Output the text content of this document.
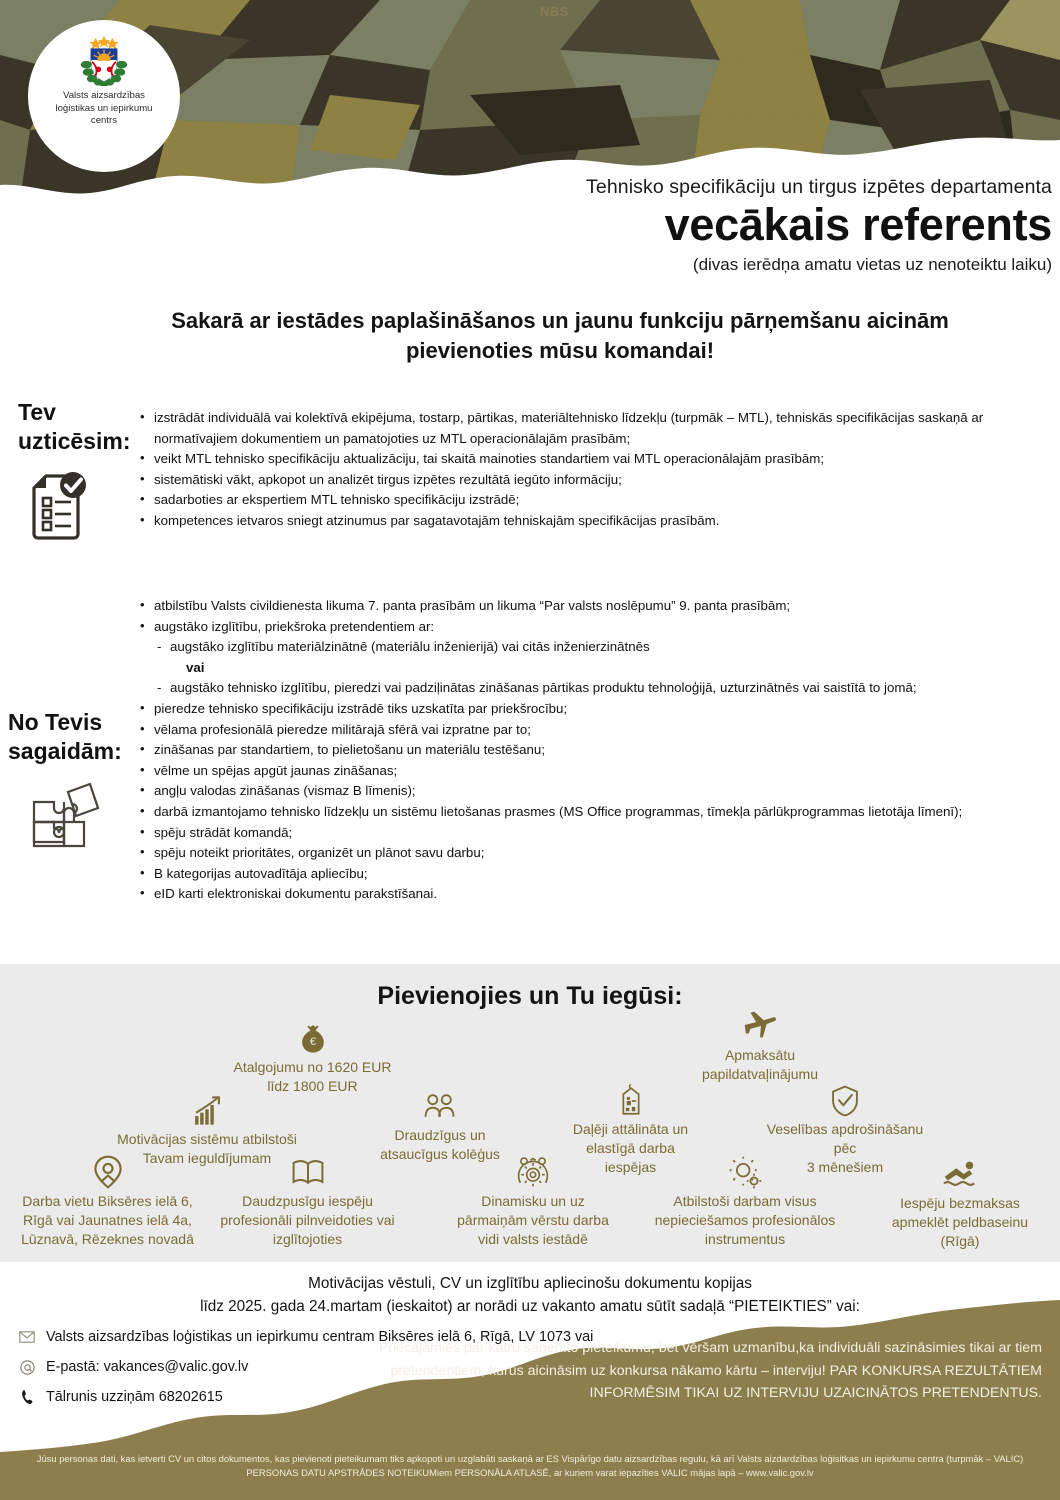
NBS
Valsts aizsardzības
loģistikas un iepirkumu
centrs
Tehnisko specifikāciju un tirgus izpētes departamenta
vecākais referents
(divas ierēdņa amatu vietas uz nenoteiktu laiku)
Sakarā ar iestādes paplašināšanos un jaunu funkciju pārņemšanu aicinām pievienoties mūsu komandai!
Tev
uzticēsim:
• izstrādāt individuālā vai kolektīvā ekipējuma, tostarp, pārtikas, materiāltehnisko līdzekļu (turpmāk – MTL), tehniskās specifikācijas saskaņā ar normatīvajiem dokumentiem un pamatojoties uz MTL operacionālajām prasībām;
• veikt MTL tehnisko specifikāciju aktualizāciju, tai skaitā mainoties standartiem vai MTL operacionālajām prasībām;
• sistemātiski vākt, apkopot un analizēt tirgus izpētes rezultātā iegūto informāciju;
• sadarboties ar ekspertiem MTL tehnisko specifikāciju izstrādē;
• kompetences ietvaros sniegt atzinumus par sagatavotajām tehniskajām specifikācijas prasībām.
No Tevis
sagaidām:
• atbilstību Valsts civildienesta likuma 7. panta prasībām un likuma “Par valsts noslēpumu” 9. panta prasībām;
• augstāko izglītību, priekšroka pretendentiem ar:
- augstāko izglītību materiālzinātnē (materiālu inženierijā) vai citās inženierzinātnēs
vai
- augstāko tehnisko izglītību, pieredzi vai padziļinātas zināšanas pārtikas produktu tehnoloģijā, uzturzinātnēs vai saistītā to jomā;
• pieredze tehnisko specifikāciju izstrādē tiks uzskatīta par priekšrocību;
• vēlama profesionālā pieredze militārajā sfērā vai izpratne par to;
• zināšanas par standartiem, to pielietošanu un materiālu testēšanu;
• vēlme un spējas apgūt jaunas zināšanas;
• angļu valodas zināšanas (vismaz B līmenis);
• darbā izmantojamo tehnisko līdzekļu un sistēmu lietošanas prasmes (MS Office programmas, tīmekļa pārlūkprogrammas lietotāja līmenī);
• spēju strādāt komandā;
• spēju noteikt prioritātes, organizēt un plānot savu darbu;
• B kategorijas autovadītāja apliecību;
• eID karti elektroniskai dokumentu parakstīšanai.
Pievienojies un Tu iegūsi:
€
Atalgojumu no 1620 EUR
līdz 1800 EUR
Motivācijas sistēmu atbilstoši
Tavam ieguldījumam
Draudzīgus un
atsaucīgus kolēģus
Apmaksātu
papildatvaļinājumu
Daļēji attālināta un
elastīgā darba
iespējas
Veselības apdrošināšanu
pēc
3 mēnešiem
Darba vietu Biksēres ielā 6,
Rīgā vai Jaunatnes ielā 4a,
Lūznavā, Rēzeknes novadā
Daudzpusīgu iespēju
profesionāli pilnveidoties vai
izglītojoties
Dinamisku un uz
pārmaiņām vērstu darba
vidi valsts iestādē
Atbilstoši darbam visus
nepieciešamos profesionālos
instrumentus
Iespēju bezmaksas
apmeklēt peldbaseinu
(Rīgā)
Motivācijas vēstuli, CV un izglītību apliecinošu dokumentu kopijas
līdz 2025. gada 24.martam (ieskaitot) ar norādi uz vakanto amatu sūtīt sadaļā “PIETEIKTIES” vai:
Valsts aizsardzības loģistikas un iepirkumu centram Biksēres ielā 6, Rīgā, LV 1073 vai
E-pastā: vakances@valic.gov.lv
Tālrunis uzziņām 68202615
Priecājamies par katru saņemto pieteikumu, bet vēršam uzmanību,ka individuāli sazināsimies tikai ar tiem pretendentiem, kurus aicināsim uz konkursa nākamo kārtu – interviju! PAR KONKURSA REZULTĀTIEM INFORMĒSIM TIKAI UZ INTERVIJU UZAICINĀTOS PRETENDENTUS.
Jūsu personas dati, kas ietverti CV un citos dokumentos, kas pievienoti pieteikumam tiks apkopoti un uzglabāti saskaņā ar ES Vispārīgo datu aizsardzības regulu, kā arī Valsts aizdardzības loģisitkas un iepirkumu centra (turpmāk – VALIC) PERSONAS DATU APSTRĀDES NOTEIKUMiem PERSONĀLA ATLASĒ, ar kuriem varat iepazīties VALIC mājas lapā – www.valic.gov.lv
